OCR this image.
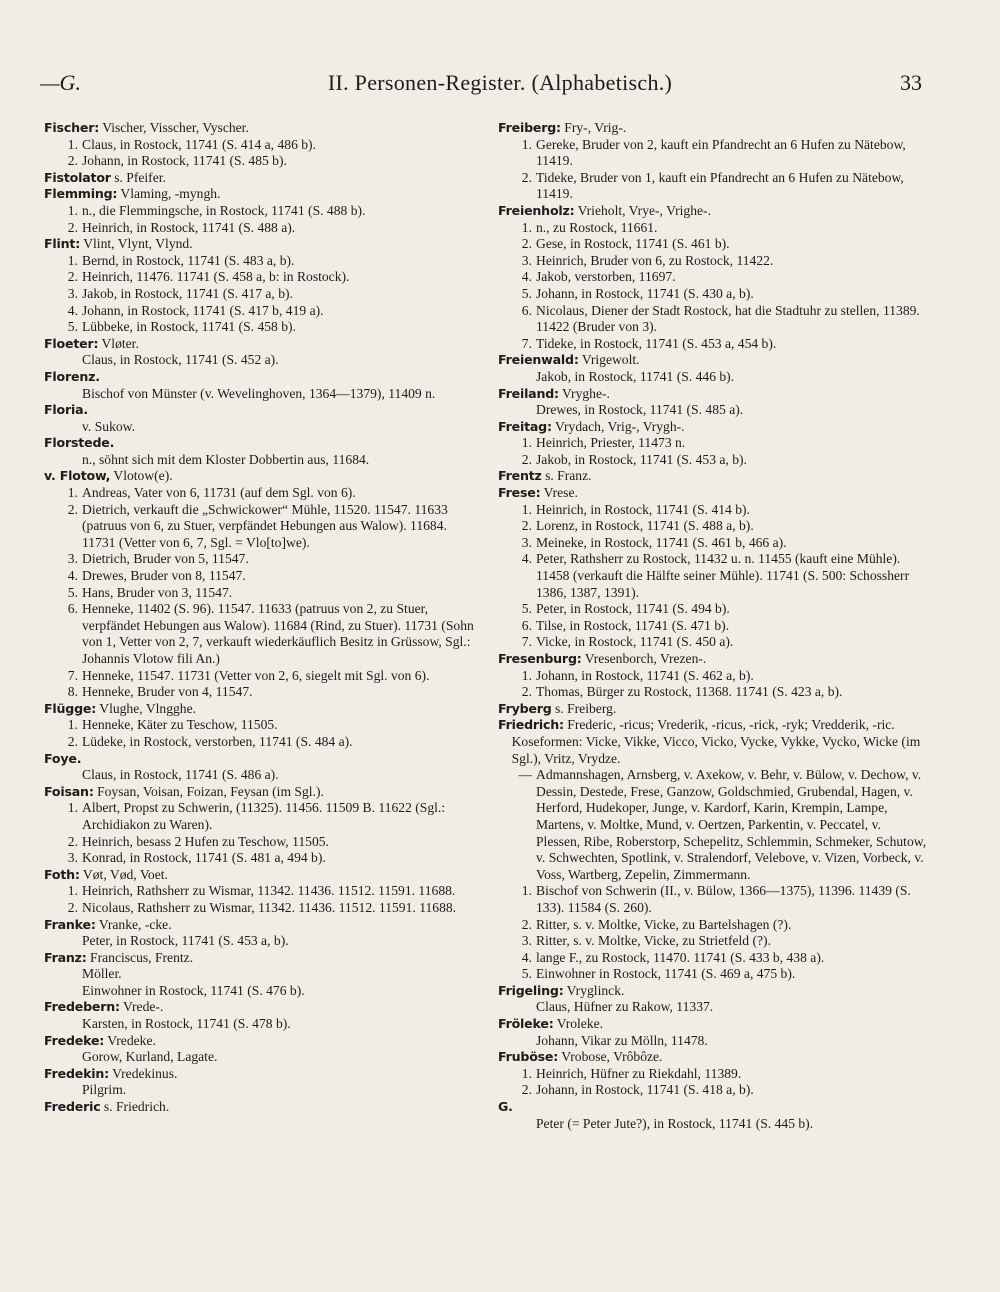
—G.	II. Personen-Register. (Alphabetisch.)	33
Fischer: Vischer, Visscher, Vyscher.
1. Claus, in Rostock, 11741 (S. 414 a, 486 b).
2. Johann, in Rostock, 11741 (S. 485 b).
Fistolator s. Pfeifer.
Flemming: Vlaming, -myngh.
1. n., die Flemmingsche, in Rostock, 11741 (S. 488 b).
2. Heinrich, in Rostock, 11741 (S. 488 a).
Flint: Vlint, Vlynt, Vlynd.
1. Bernd, in Rostock, 11741 (S. 483 a, b).
2. Heinrich, 11476. 11741 (S. 458 a, b: in Rostock).
3. Jakob, in Rostock, 11741 (S. 417 a, b).
4. Johann, in Rostock, 11741 (S. 417 b, 419 a).
5. Lübbeke, in Rostock, 11741 (S. 458 b).
Floeter: Vløter.
Claus, in Rostock, 11741 (S. 452 a).
Florenz.
Bischof von Münster (v. Wevelinghoven, 1364—1379), 11409 n.
Floria.
v. Sukow.
Florstede.
n., söhnt sich mit dem Kloster Dobbertin aus, 11684.
v. Flotow, Vlotow(e).
1. Andreas, Vater von 6, 11731 (auf dem Sgl. von 6).
2. Dietrich, verkauft die „Schwickower“ Mühle, 11520. 11547. 11633 (patruus von 6, zu Stuer, verpfändet Hebungen aus Walow). 11684. 11731 (Vetter von 6, 7, Sgl. = Vlo[to]we).
3. Dietrich, Bruder von 5, 11547.
4. Drewes, Bruder von 8, 11547.
5. Hans, Bruder von 3, 11547.
6. Henneke, 11402 (S. 96). 11547. 11633 (patruus von 2, zu Stuer, verpfändet Hebungen aus Walow). 11684 (Rind, zu Stuer). 11731 (Sohn von 1, Vetter von 2, 7, verkauft wiederkäuflich Besitz in Grüssow, Sgl.: Johannis Vlotow fili An.)
7. Henneke, 11547. 11731 (Vetter von 2, 6, siegelt mit Sgl. von 6).
8. Henneke, Bruder von 4, 11547.
Flügge: Vlughe, Vlngghe.
1. Henneke, Käter zu Teschow, 11505.
2. Lüdeke, in Rostock, verstorben, 11741 (S. 484 a).
Foye.
Claus, in Rostock, 11741 (S. 486 a).
Foisan: Foysan, Voisan, Foizan, Feysan (im Sgl.).
1. Albert, Propst zu Schwerin, (11325). 11456. 11509 B. 11622 (Sgl.: Archidiakon zu Waren).
2. Heinrich, besass 2 Hufen zu Teschow, 11505.
3. Konrad, in Rostock, 11741 (S. 481 a, 494 b).
Foth: Vøt, Vød, Voet.
1. Heinrich, Rathsherr zu Wismar, 11342. 11436. 11512. 11591. 11688.
2. Nicolaus, Rathsherr zu Wismar, 11342. 11436. 11512. 11591. 11688.
Franke: Vranke, -cke.
Peter, in Rostock, 11741 (S. 453 a, b).
Franz: Franciscus, Frentz.
Möller.
Einwohner in Rostock, 11741 (S. 476 b).
Fredebern: Vrede-.
Karsten, in Rostock, 11741 (S. 478 b).
Fredeke: Vredeke.
Gorow, Kurland, Lagate.
Fredekin: Vredekinus.
Pilgrim.
Frederic s. Friedrich.
Freiberg: Fry-, Vrig-.
1. Gereke, Bruder von 2, kauft ein Pfandrecht an 6 Hufen zu Nätebow, 11419.
2. Tideke, Bruder von 1, kauft ein Pfandrecht an 6 Hufen zu Nätebow, 11419.
Freienholz: Vrieholt, Vrye-, Vrighe-.
1. n., zu Rostock, 11661.
2. Gese, in Rostock, 11741 (S. 461 b).
3. Heinrich, Bruder von 6, zu Rostock, 11422.
4. Jakob, verstorben, 11697.
5. Johann, in Rostock, 11741 (S. 430 a, b).
6. Nicolaus, Diener der Stadt Rostock, hat die Stadtuhr zu stellen, 11389. 11422 (Bruder von 3).
7. Tideke, in Rostock, 11741 (S. 453 a, 454 b).
Freienwald: Vrigewolt.
Jakob, in Rostock, 11741 (S. 446 b).
Freiland: Vryghe-.
Drewes, in Rostock, 11741 (S. 485 a).
Freitag: Vrydach, Vrig-, Vrygh-.
1. Heinrich, Priester, 11473 n.
2. Jakob, in Rostock, 11741 (S. 453 a, b).
Frentz s. Franz.
Frese: Vrese.
1. Heinrich, in Rostock, 11741 (S. 414 b).
2. Lorenz, in Rostock, 11741 (S. 488 a, b).
3. Meineke, in Rostock, 11741 (S. 461 b, 466 a).
4. Peter, Rathsherr zu Rostock, 11432 u. n. 11455 (kauft eine Mühle). 11458 (verkauft die Hälfte seiner Mühle). 11741 (S. 500: Schossherr 1386, 1387, 1391).
5. Peter, in Rostock, 11741 (S. 494 b).
6. Tilse, in Rostock, 11741 (S. 471 b).
7. Vicke, in Rostock, 11741 (S. 450 a).
Fresenburg: Vresenborch, Vrezen-.
1. Johann, in Rostock, 11741 (S. 462 a, b).
2. Thomas, Bürger zu Rostock, 11368. 11741 (S. 423 a, b).
Fryberg s. Freiberg.
Friedrich: Frederic, -ricus; Vrederik, -ricus, -rick, -ryk; Vredderik, -ric. Koseformen: Vicke, Vikke, Vicco, Vicko, Vycke, Vykke, Vycko, Wicke (im Sgl.), Vritz, Vrydze.
— Admannshagen, Arnsberg, v. Axekow, v. Behr, v. Bülow, v. Dechow, v. Dessin, Destede, Frese, Ganzow, Goldschmied, Grubendal, Hagen, v. Herford, Hudekoper, Junge, v. Kardorf, Karin, Krempin, Lampe, Martens, v. Moltke, Mund, v. Oertzen, Parkentin, v. Peccatel, v. Plessen, Ribe, Roberstorp, Schepelitz, Schlemmin, Schmeker, Schutow, v. Schwechten, Spotlink, v. Stralendorf, Velebove, v. Vizen, Vorbeck, v. Voss, Wartberg, Zepelin, Zimmermann.
1. Bischof von Schwerin (II., v. Bülow, 1366—1375), 11396. 11439 (S. 133). 11584 (S. 260).
2. Ritter, s. v. Moltke, Vicke, zu Bartelshagen (?).
3. Ritter, s. v. Moltke, Vicke, zu Strietfeld (?).
4. lange F., zu Rostock, 11470. 11741 (S. 433 b, 438 a).
5. Einwohner in Rostock, 11741 (S. 469 a, 475 b).
Frigeling: Vryglinck.
Claus, Hüfner zu Rakow, 11337.
Fröleke: Vroleke.
Johann, Vikar zu Mölln, 11478.
Fruböse: Vrobose, Vrôbôze.
1. Heinrich, Hüfner zu Riekdahl, 11389.
2. Johann, in Rostock, 11741 (S. 418 a, b).
G.
Peter (= Peter Jute?), in Rostock, 11741 (S. 445 b).
